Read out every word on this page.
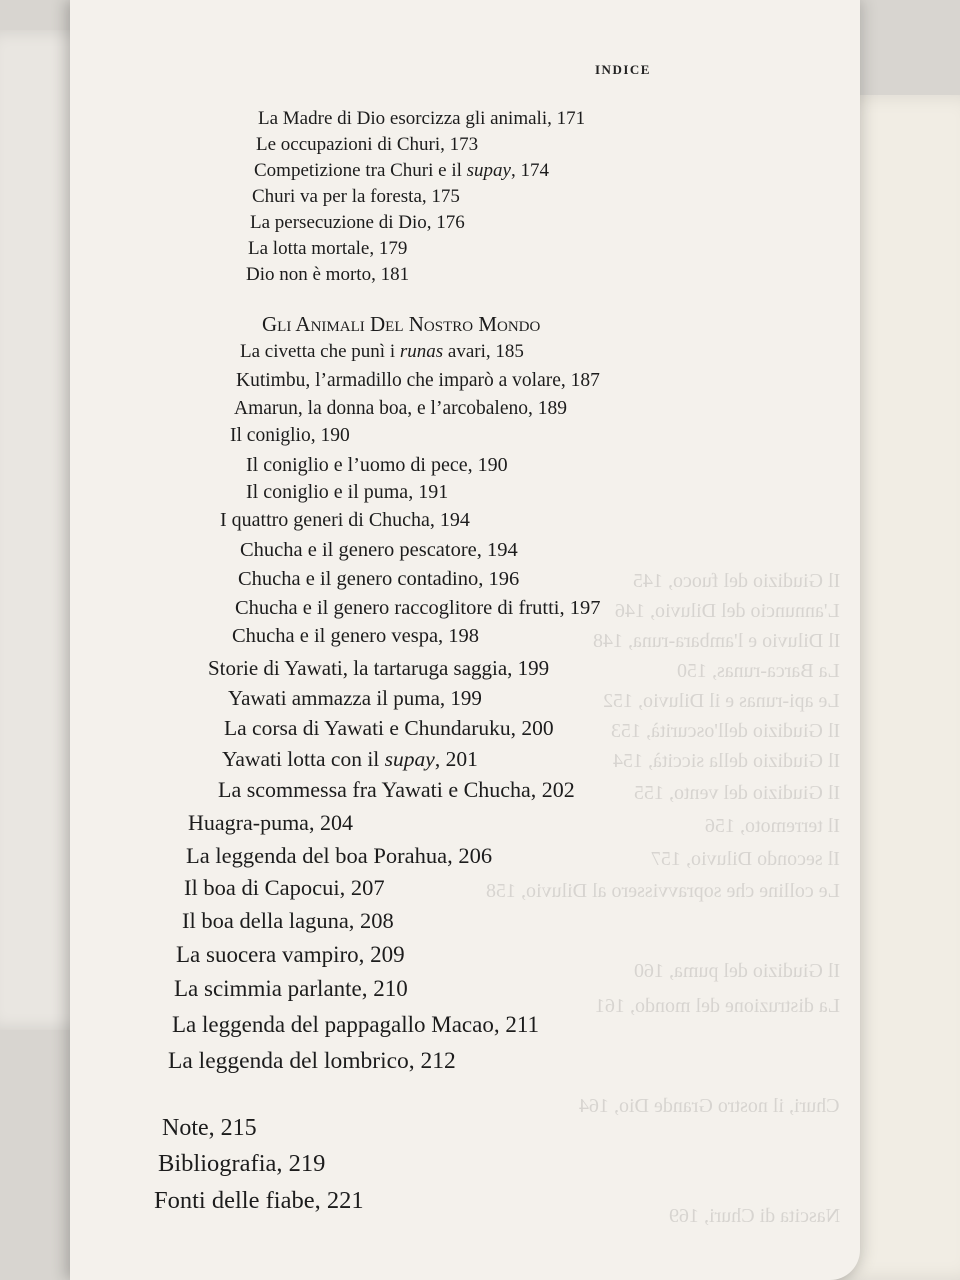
Il Giudizio del fuoco, 145
L'annuncio del Diluvio, 146
Il Diluvio e l'ambara-runa, 148
La Barca-runas, 150
Le api-runas e il Diluvio, 152
Il Giudizio dell'oscurità, 153
Il Giudizio della siccità, 154
Il Giudizio del vento, 155
Il terremoto, 156
Il secondo Diluvio, 157
Le colline che sopravvissero al Diluvio, 158
Il Giudizio del puma, 160
La distruzione del mondo, 161
Churi, il nostro Grande Dio, 164
Nascita di Churi, 169
INDICE
La Madre di Dio esorcizza gli animali, 171
Le occupazioni di Churi, 173
Competizione tra Churi e il supay, 174
Churi va per la foresta, 175
La persecuzione di Dio, 176
La lotta mortale, 179
Dio non è morto, 181
Gli Animali Del Nostro Mondo
La civetta che punì i runas avari, 185
Kutimbu, l’armadillo che imparò a volare, 187
Amarun, la donna boa, e l’arcobaleno, 189
Il coniglio, 190
Il coniglio e l’uomo di pece, 190
Il coniglio e il puma, 191
I quattro generi di Chucha, 194
Chucha e il genero pescatore, 194
Chucha e il genero contadino, 196
Chucha e il genero raccoglitore di frutti, 197
Chucha e il genero vespa, 198
Storie di Yawati, la tartaruga saggia, 199
Yawati ammazza il puma, 199
La corsa di Yawati e Chundaruku, 200
Yawati lotta con il supay, 201
La scommessa fra Yawati e Chucha, 202
Huagra-puma, 204
La leggenda del boa Porahua, 206
Il boa di Capocui, 207
Il boa della laguna, 208
La suocera vampiro, 209
La scimmia parlante, 210
La leggenda del pappagallo Macao, 211
La leggenda del lombrico, 212
Note, 215
Bibliografia, 219
Fonti delle fiabe, 221
